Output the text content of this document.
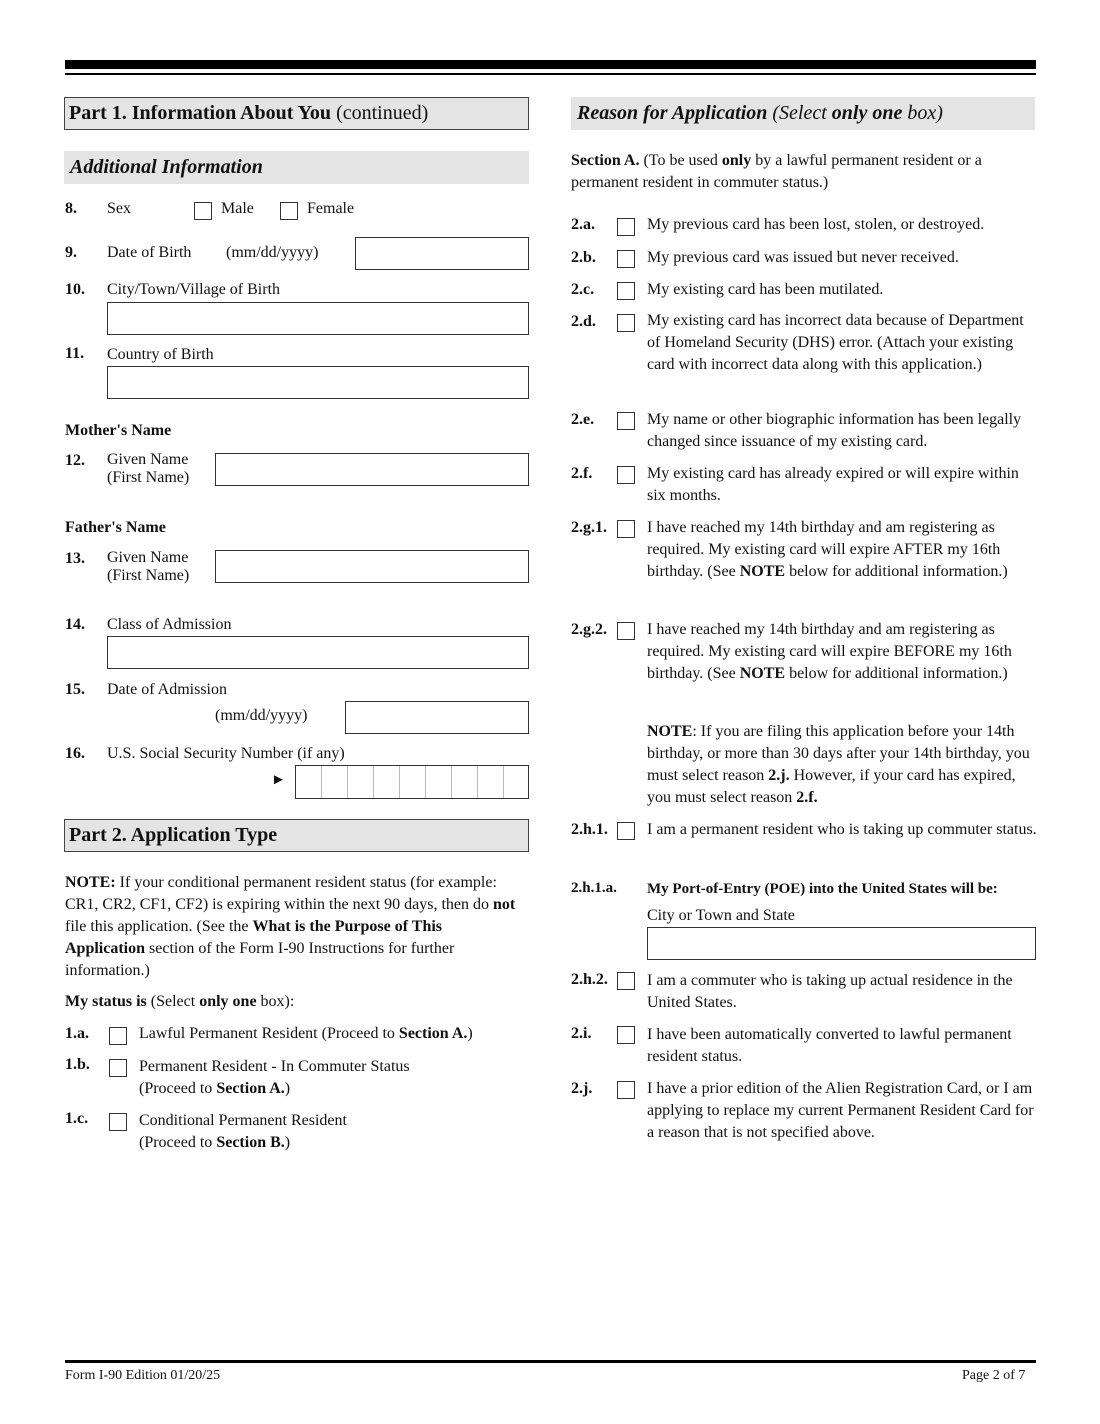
Part 1. Information About You (continued)
Additional Information
8. Sex	Male	Female
9. Date of Birth (mm/dd/yyyy)
10. City/Town/Village of Birth
11. Country of Birth
Mother's Name
12. Given Name
(First Name)
Father's Name
13. Given Name
(First Name)
14. Class of Admission
15. Date of Admission
(mm/dd/yyyy)
16. U.S. Social Security Number (if any)
►
Part 2. Application Type
NOTE: If your conditional permanent resident status (for example: CR1, CR2, CF1, CF2) is expiring within the next 90 days, then do not file this application. (See the What is the Purpose of This Application section of the Form I-90 Instructions for further information.)
My status is (Select only one box):
1.a.	Lawful Permanent Resident (Proceed to Section A.)
1.b.	Permanent Resident - In Commuter Status
(Proceed to Section A.)
1.c.	Conditional Permanent Resident
(Proceed to Section B.)
Reason for Application (Select only one box)
Section A. (To be used only by a lawful permanent resident or a permanent resident in commuter status.)
2.a.	My previous card has been lost, stolen, or destroyed.
2.b.	My previous card was issued but never received.
2.c.	My existing card has been mutilated.
2.d.	My existing card has incorrect data because of Department of Homeland Security (DHS) error. (Attach your existing card with incorrect data along with this application.)
2.e.	My name or other biographic information has been legally changed since issuance of my existing card.
2.f.	My existing card has already expired or will expire within six months.
2.g.1.	I have reached my 14th birthday and am registering as required. My existing card will expire AFTER my 16th birthday. (See NOTE below for additional information.)
2.g.2.	I have reached my 14th birthday and am registering as required. My existing card will expire BEFORE my 16th birthday. (See NOTE below for additional information.)
NOTE: If you are filing this application before your 14th birthday, or more than 30 days after your 14th birthday, you must select reason 2.j. However, if your card has expired, you must select reason 2.f.
2.h.1. I am a permanent resident who is taking up commuter status.
2.h.1.a. My Port-of-Entry (POE) into the United States will be:
City or Town and State
2.h.2. I am a commuter who is taking up actual residence in the United States.
2.i.	I have been automatically converted to lawful permanent resident status.
2.j.	I have a prior edition of the Alien Registration Card, or I am applying to replace my current Permanent Resident Card for a reason that is not specified above.
Form I-90 Edition 01/20/25	Page 2 of 7
